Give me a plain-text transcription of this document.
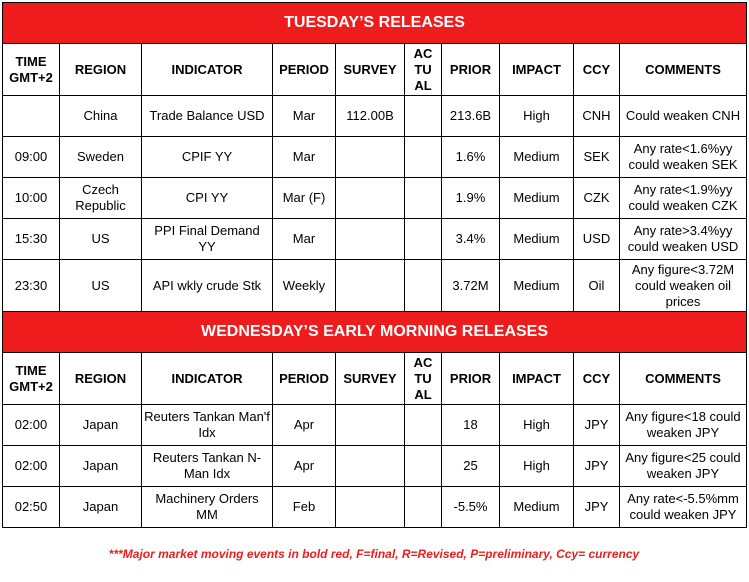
TUESDAY’S RELEASES									
TIME GMT+2	REGION	INDICATOR	PERIOD	SURVEY	AC TU AL	PRIOR	IMPACT	CCY	COMMENTS
	China	Trade Balance USD	Mar	112.00B		213.6B	High	CNH	Could weaken CNH
09:00	Sweden	CPIF YY	Mar			1.6%	Medium	SEK	Any rate<1.6%yy could weaken SEK
10:00	Czech Republic	CPI YY	Mar (F)			1.9%	Medium	CZK	Any rate<1.9%yy could weaken CZK
15:30	US	PPI Final Demand YY	Mar			3.4%	Medium	USD	Any rate>3.4%yy could weaken USD
23:30	US	API wkly crude Stk	Weekly			3.72M	Medium	Oil	Any figure<3.72M could weaken oil prices
WEDNESDAY’S EARLY MORNING RELEASES									
TIME GMT+2	REGION	INDICATOR	PERIOD	SURVEY	AC TU AL	PRIOR	IMPACT	CCY	COMMENTS
02:00	Japan	Reuters Tankan Man'f Idx	Apr			18	High	JPY	Any figure<18 could weaken JPY
02:00	Japan	Reuters Tankan N-Man Idx	Apr			25	High	JPY	Any figure<25 could weaken JPY
02:50	Japan	Machinery Orders MM	Feb			-5.5%	Medium	JPY	Any rate<-5.5%mm could weaken JPY
***Major market moving events in bold red, F=final, R=Revised, P=preliminary, Ccy= currency
